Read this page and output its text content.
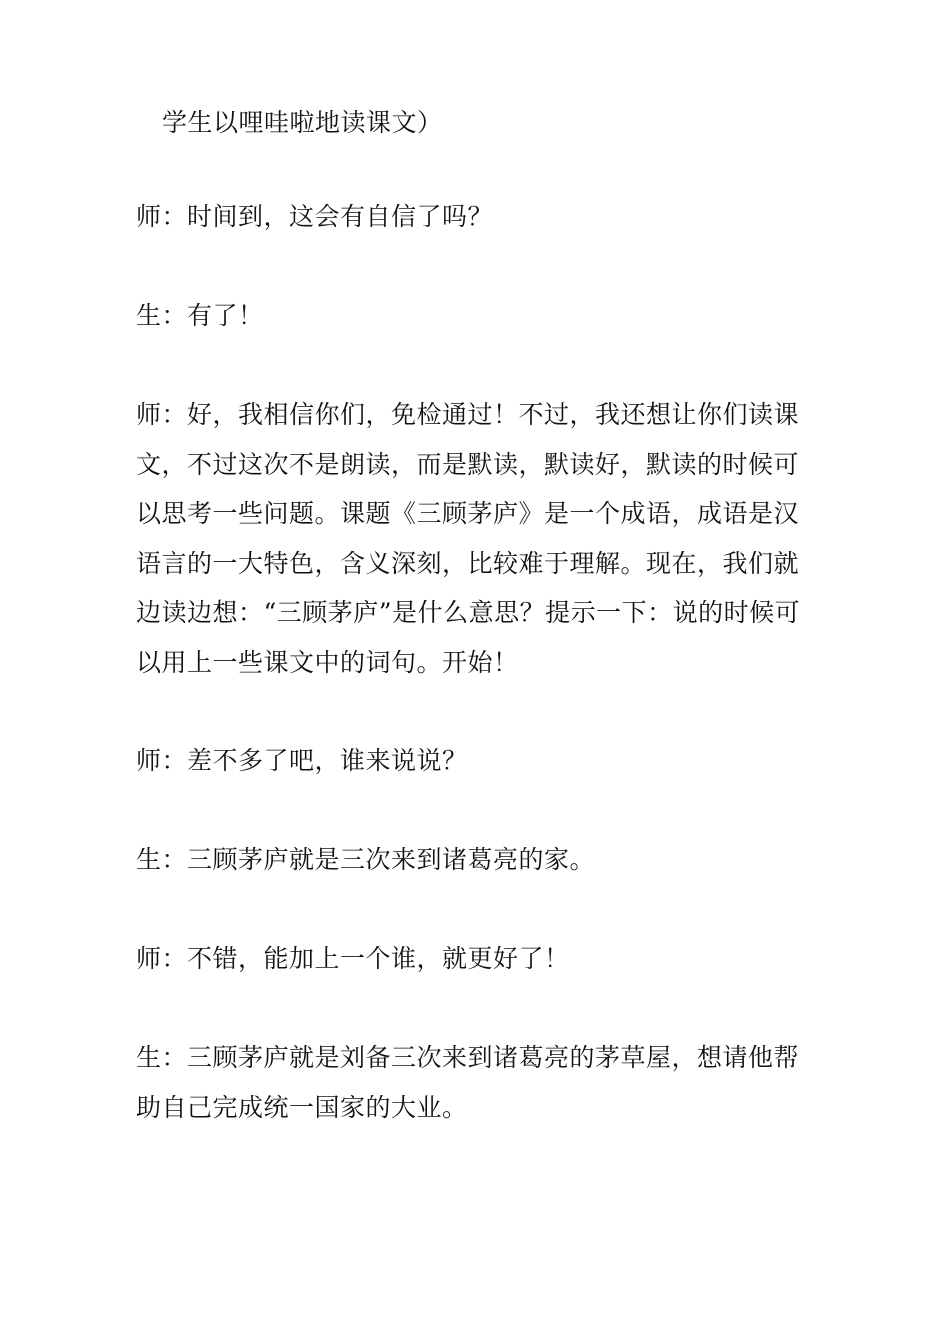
学生以哩哇啦地读课文）

师：时间到，这会有自信了吗？

生：有了！

师：好，我相信你们，免检通过！不过，我还想让你们读课文，不过这次不是朗读，而是默读，默读好，默读的时候可以思考一些问题。课题《三顾茅庐》是一个成语，成语是汉语言的一大特色，含义深刻，比较难于理解。现在，我们就边读边想：“三顾茅庐”是什么意思？提示一下：说的时候可以用上一些课文中的词句。开始！

师：差不多了吧，谁来说说？

生：三顾茅庐就是三次来到诸葛亮的家。

师：不错，能加上一个谁，就更好了！

生：三顾茅庐就是刘备三次来到诸葛亮的茅草屋，想请他帮助自己完成统一国家的大业。
